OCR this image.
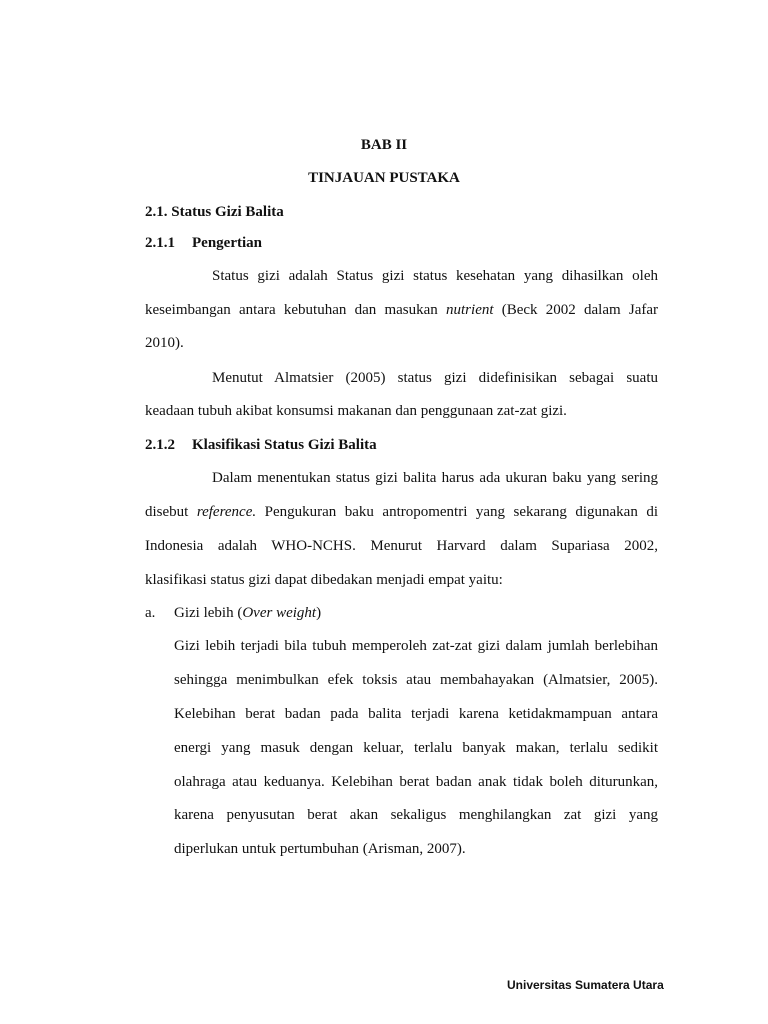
BAB II
TINJAUAN PUSTAKA
2.1. Status Gizi Balita
2.1.1 Pengertian
Status gizi adalah Status gizi status kesehatan yang dihasilkan oleh
keseimbangan antara kebutuhan dan masukan nutrient (Beck 2002 dalam Jafar
2010).
Menutut Almatsier (2005) status gizi didefinisikan sebagai suatu
keadaan tubuh akibat konsumsi makanan dan penggunaan zat-zat gizi.
2.1.2 Klasifikasi Status Gizi Balita
Dalam menentukan status gizi balita harus ada ukuran baku yang sering
disebut reference. Pengukuran baku antropomentri yang sekarang digunakan di
Indonesia adalah WHO-NCHS. Menurut Harvard dalam Supariasa 2002,
klasifikasi status gizi dapat dibedakan menjadi empat yaitu:
a. Gizi lebih (Over weight)
Gizi lebih terjadi bila tubuh memperoleh zat-zat gizi dalam jumlah berlebihan
sehingga menimbulkan efek toksis atau membahayakan (Almatsier, 2005).
Kelebihan berat badan pada balita terjadi karena ketidakmampuan antara
energi yang masuk dengan keluar, terlalu banyak makan, terlalu sedikit
olahraga atau keduanya. Kelebihan berat badan anak tidak boleh diturunkan,
karena penyusutan berat akan sekaligus menghilangkan zat gizi yang
diperlukan untuk pertumbuhan (Arisman, 2007).
Universitas Sumatera Utara
